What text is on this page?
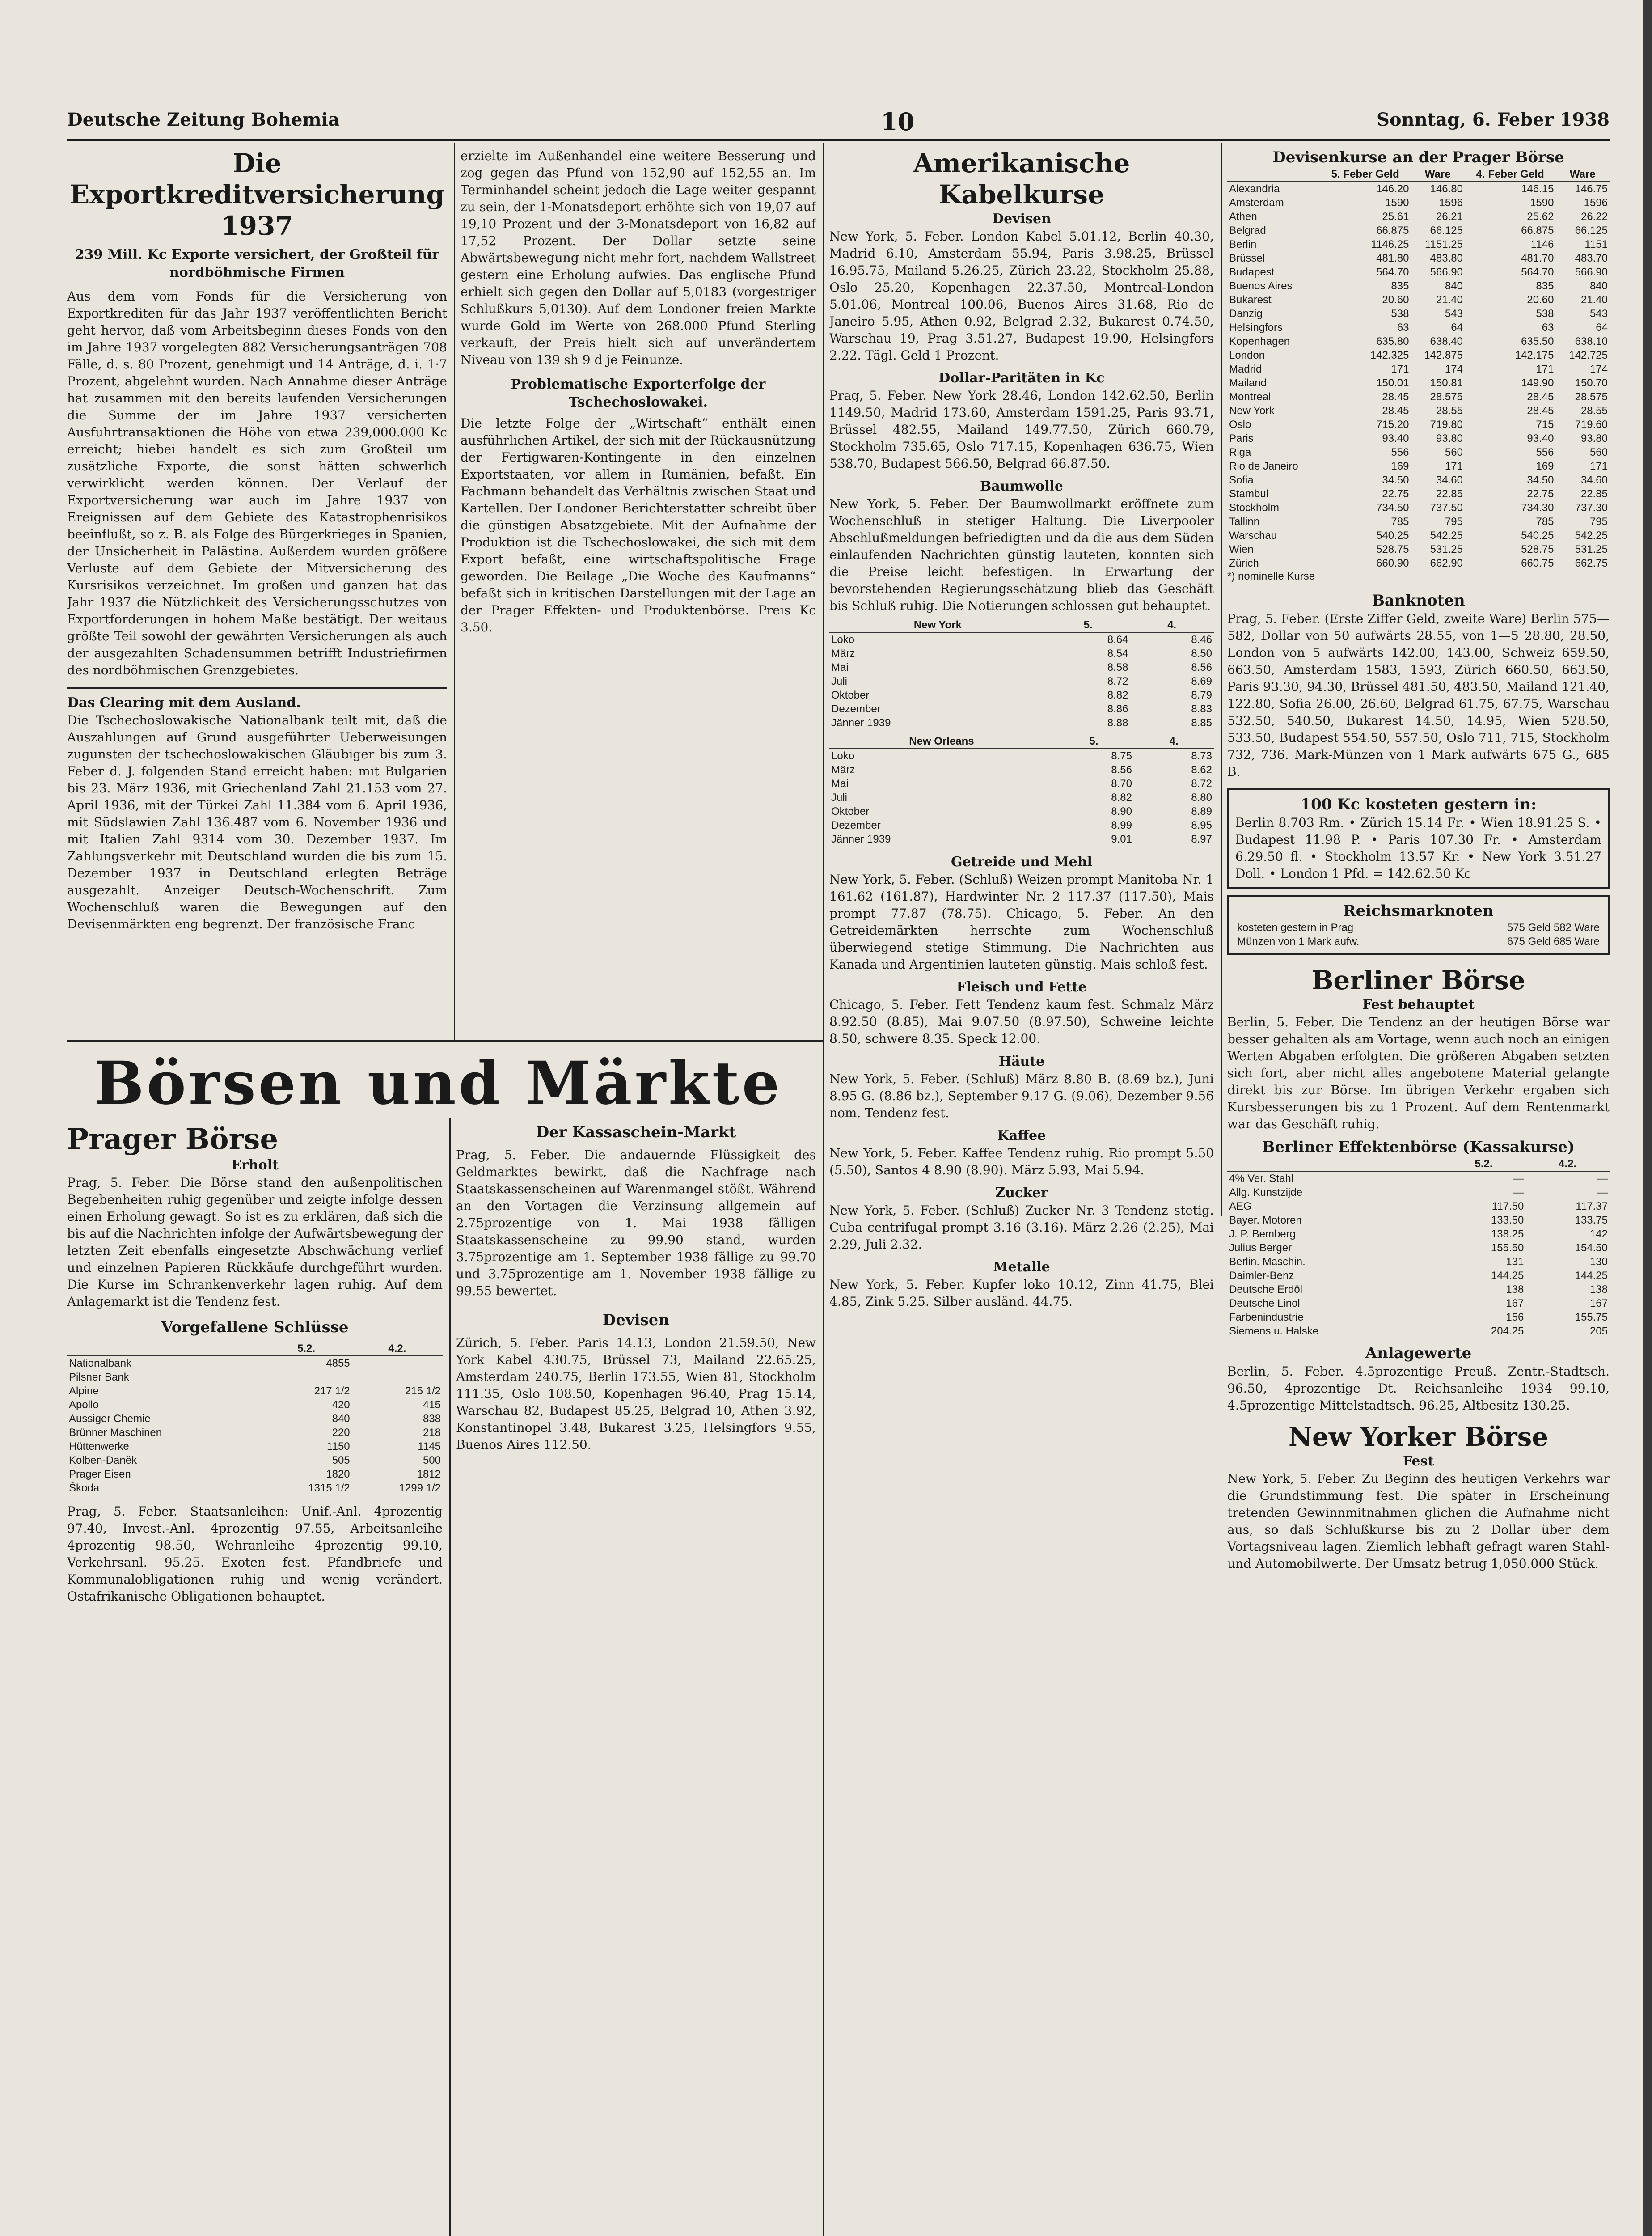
Deutsche Zeitung Bohemia	10	Sonntag, 6. Feber 1938
Die Exportkreditversicherung 1937
239 Mill. Kc Exporte versichert, der Großteil für nordböhmische Firmen
Aus dem vom Fonds für die Versicherung von Exportkrediten für das Jahr 1937 veröffentlichten Bericht geht hervor, daß vom Arbeitsbeginn dieses Fonds von den im Jahre 1937 vorgelegten 882 Versicherungsanträgen 708 Fälle, d. s. 80 Prozent, genehmigt und 14 Anträge, d. i. 1·7 Prozent, abgelehnt wurden. Nach Annahme dieser Anträge hat zusammen mit den bereits laufenden Versicherungen die Summe der im Jahre 1937 versicherten Ausfuhrtransaktionen die Höhe von etwa 239,000.000 Kc erreicht; hiebei handelt es sich zum Großteil um zusätzliche Exporte, die sonst hätten schwerlich verwirklicht werden können. Der Verlauf der Exportversicherung war auch im Jahre 1937 von Ereignissen auf dem Gebiete des Katastrophenrisikos beeinflußt, so z. B. als Folge des Bürgerkrieges in Spanien, der Unsicherheit in Palästina. Außerdem wurden größere Verluste auf dem Gebiete der Mitversicherung des Kursrisikos verzeichnet. Im großen und ganzen hat das Jahr 1937 die Nützlichkeit des Versicherungsschutzes von Exportforderungen in hohem Maße bestätigt. Der weitaus größte Teil sowohl der gewährten Versicherungen als auch der ausgezahlten Schadensummen betrifft Industriefirmen des nordböhmischen Grenzgebietes.
Das Clearing mit dem Ausland.
Die Tschechoslowakische Nationalbank teilt mit, daß die Auszahlungen auf Grund ausgeführter Ueberweisungen zugunsten der tschechoslowakischen Gläubiger bis zum 3. Feber d. J. folgenden Stand erreicht haben: mit Bulgarien bis 23. März 1936, mit Griechenland Zahl 21.153 vom 27. April 1936, mit der Türkei Zahl 11.384 vom 6. April 1936, mit Südslawien Zahl 136.487 vom 6. November 1936 und mit Italien Zahl 9314 vom 30. Dezember 1937. Im Zahlungsverkehr mit Deutschland wurden die bis zum 15. Dezember 1937 in Deutschland erlegten Beträge ausgezahlt. Anzeiger Deutsch-Wochenschrift. Zum Wochenschluß waren die Bewegungen auf den Devisenmärkten eng begrenzt. Der französische Franc
erzielte im Außenhandel eine weitere Besserung und zog gegen das Pfund von 152,90 auf 152,55 an. Im Terminhandel scheint jedoch die Lage weiter gespannt zu sein, der 1-Monatsdeport erhöhte sich von 19,07 auf 19,10 Prozent und der 3-Monatsdeport von 16,82 auf 17,52 Prozent. Der Dollar setzte seine Abwärtsbewegung nicht mehr fort, nachdem Wallstreet gestern eine Erholung aufwies. Das englische Pfund erhielt sich gegen den Dollar auf 5,0183 (vorgestriger Schlußkurs 5,0130). Auf dem Londoner freien Markte wurde Gold im Werte von 268.000 Pfund Sterling verkauft, der Preis hielt sich auf unverändertem Niveau von 139 sh 9 d je Feinunze.
Problematische Exporterfolge der Tschechoslowakei.
Die letzte Folge der „Wirtschaft“ enthält einen ausführlichen Artikel, der sich mit der Rückausnützung der Fertigwaren-Kontingente in den einzelnen Exportstaaten, vor allem in Rumänien, befaßt. Ein Fachmann behandelt das Verhältnis zwischen Staat und Kartellen. Der Londoner Berichterstatter schreibt über die günstigen Absatzgebiete. Mit der Aufnahme der Produktion ist die Tschechoslowakei, die sich mit dem Export befaßt, eine wirtschaftspolitische Frage geworden. Die Beilage „Die Woche des Kaufmanns“ befaßt sich in kritischen Darstellungen mit der Lage an der Prager Effekten- und Produktenbörse. Preis Kc 3.50.
Börsen und Märkte
Prager Börse
Erholt
Prag, 5. Feber. Die Börse stand den außenpolitischen Begebenheiten ruhig gegenüber und zeigte infolge dessen einen Erholung gewagt. So ist es zu erklären, daß sich die bis auf die Nachrichten infolge der Aufwärtsbewegung der letzten Zeit ebenfalls eingesetzte Abschwächung verlief und einzelnen Papieren Rückkäufe durchgeführt wurden. Die Kurse im Schrankenverkehr lagen ruhig. Auf dem Anlagemarkt ist die Tendenz fest.
Vorgefallene Schlüsse
	5.2.	4.2.
Nationalbank	4855	
Pilsner Bank		
Alpine	217 1/2	215 1/2
Apollo	420	415
Aussiger Chemie	840	838
Brünner Maschinen	220	218
Hüttenwerke	1150	1145
Kolben-Daněk	505	500
Prager Eisen	1820	1812
Škoda	1315 1/2	1299 1/2
Prag, 5. Feber. Staatsanleihen: Unif.-Anl. 4prozentig 97.40, Invest.-Anl. 4prozentig 97.55, Arbeitsanleihe 4prozentig 98.50, Wehranleihe 4prozentig 99.10, Verkehrsanl. 95.25. Exoten fest. Pfandbriefe und Kommunalobligationen ruhig und wenig verändert. Ostafrikanische Obligationen behauptet.
Der Kassaschein-Markt
Prag, 5. Feber. Die andauernde Flüssigkeit des Geldmarktes bewirkt, daß die Nachfrage nach Staatskassenscheinen auf Warenmangel stößt. Während an den Vortagen die Verzinsung allgemein auf 2.75prozentige von 1. Mai 1938 fälligen Staatskassenscheine zu 99.90 stand, wurden 3.75prozentige am 1. September 1938 fällige zu 99.70 und 3.75prozentige am 1. November 1938 fällige zu 99.55 bewertet.
Devisen
Zürich, 5. Feber. Paris 14.13, London 21.59.50, New York Kabel 430.75, Brüssel 73, Mailand 22.65.25, Amsterdam 240.75, Berlin 173.55, Wien 81, Stockholm 111.35, Oslo 108.50, Kopenhagen 96.40, Prag 15.14, Warschau 82, Budapest 85.25, Belgrad 10, Athen 3.92, Konstantinopel 3.48, Bukarest 3.25, Helsingfors 9.55, Buenos Aires 112.50.
Amerikanische Kabelkurse
Devisen
New York, 5. Feber. London Kabel 5.01.12, Berlin 40.30, Madrid 6.10, Amsterdam 55.94, Paris 3.98.25, Brüssel 16.95.75, Mailand 5.26.25, Zürich 23.22, Stockholm 25.88, Oslo 25.20, Kopenhagen 22.37.50, Montreal-London 5.01.06, Montreal 100.06, Buenos Aires 31.68, Rio de Janeiro 5.95, Athen 0.92, Belgrad 2.32, Bukarest 0.74.50, Warschau 19, Prag 3.51.27, Budapest 19.90, Helsingfors 2.22. Tägl. Geld 1 Prozent.
Dollar-Paritäten in Kc
Prag, 5. Feber. New York 28.46, London 142.62.50, Berlin 1149.50, Madrid 173.60, Amsterdam 1591.25, Paris 93.71, Brüssel 482.55, Mailand 149.77.50, Zürich 660.79, Stockholm 735.65, Oslo 717.15, Kopenhagen 636.75, Wien 538.70, Budapest 566.50, Belgrad 66.87.50.
Baumwolle
New York, 5. Feber. Der Baumwollmarkt eröffnete zum Wochenschluß in stetiger Haltung. Die Liverpooler Abschlußmeldungen befriedigten und da die aus dem Süden einlaufenden Nachrichten günstig lauteten, konnten sich die Preise leicht befestigen. In Erwartung der bevorstehenden Regierungsschätzung blieb das Geschäft bis Schluß ruhig. Die Notierungen schlossen gut behauptet.
New York	5.	4.
Loko	8.64	8.46
März	8.54	8.50
Mai	8.58	8.56
Juli	8.72	8.69
Oktober	8.82	8.79
Dezember	8.86	8.83
Jänner 1939	8.88	8.85
New Orleans	5.	4.
Loko	8.75	8.73
März	8.56	8.62
Mai	8.70	8.72
Juli	8.82	8.80
Oktober	8.90	8.89
Dezember	8.99	8.95
Jänner 1939	9.01	8.97
Getreide und Mehl
New York, 5. Feber. (Schluß) Weizen prompt Manitoba Nr. 1 161.62 (161.87), Hardwinter Nr. 2 117.37 (117.50), Mais prompt 77.87 (78.75). Chicago, 5. Feber. An den Getreidemärkten herrschte zum Wochenschluß überwiegend stetige Stimmung. Die Nachrichten aus Kanada und Argentinien lauteten günstig. Mais schloß fest.
Fleisch und Fette
Chicago, 5. Feber. Fett Tendenz kaum fest. Schmalz März 8.92.50 (8.85), Mai 9.07.50 (8.97.50), Schweine leichte 8.50, schwere 8.35. Speck 12.00.
Häute
New York, 5. Feber. (Schluß) März 8.80 B. (8.69 bz.), Juni 8.95 G. (8.86 bz.), September 9.17 G. (9.06), Dezember 9.56 nom. Tendenz fest.
Kaffee
New York, 5. Feber. Kaffee Tendenz ruhig. Rio prompt 5.50 (5.50), Santos 4 8.90 (8.90). März 5.93, Mai 5.94.
Zucker
New York, 5. Feber. (Schluß) Zucker Nr. 3 Tendenz stetig. Cuba centrifugal prompt 3.16 (3.16). März 2.26 (2.25), Mai 2.29, Juli 2.32.
Metalle
New York, 5. Feber. Kupfer loko 10.12, Zinn 41.75, Blei 4.85, Zink 5.25. Silber ausländ. 44.75.
Devisenkurse an der Prager Börse
	5. Feber Geld	Ware	4. Feber Geld	Ware
Alexandria	146.20	146.80	146.15	146.75
Amsterdam	1590	1596	1590	1596
Athen	25.61	26.21	25.62	26.22
Belgrad	66.875	66.125	66.875	66.125
Berlin	1146.25	1151.25	1146	1151
Brüssel	481.80	483.80	481.70	483.70
Budapest	564.70	566.90	564.70	566.90
Buenos Aires	835	840	835	840
Bukarest	20.60	21.40	20.60	21.40
Danzig	538	543	538	543
Helsingfors	63	64	63	64
Kopenhagen	635.80	638.40	635.50	638.10
London	142.325	142.875	142.175	142.725
Madrid	171	174	171	174
Mailand	150.01	150.81	149.90	150.70
Montreal	28.45	28.575	28.45	28.575
New York	28.45	28.55	28.45	28.55
Oslo	715.20	719.80	715	719.60
Paris	93.40	93.80	93.40	93.80
Riga	556	560	556	560
Rio de Janeiro	169	171	169	171
Sofia	34.50	34.60	34.50	34.60
Stambul	22.75	22.85	22.75	22.85
Stockholm	734.50	737.50	734.30	737.30
Tallinn	785	795	785	795
Warschau	540.25	542.25	540.25	542.25
Wien	528.75	531.25	528.75	531.25
Zürich	660.90	662.90	660.75	662.75
*) nominelle Kurse
Banknoten
Prag, 5. Feber. (Erste Ziffer Geld, zweite Ware) Berlin 575—582, Dollar von 50 aufwärts 28.55, von 1—5 28.80, 28.50, London von 5 aufwärts 142.00, 143.00, Schweiz 659.50, 663.50, Amsterdam 1583, 1593, Zürich 660.50, 663.50, Paris 93.30, 94.30, Brüssel 481.50, 483.50, Mailand 121.40, 122.80, Sofia 26.00, 26.60, Belgrad 61.75, 67.75, Warschau 532.50, 540.50, Bukarest 14.50, 14.95, Wien 528.50, 533.50, Budapest 554.50, 557.50, Oslo 711, 715, Stockholm 732, 736. Mark-Münzen von 1 Mark aufwärts 675 G., 685 B.
100 Kc kosteten gestern in:
Berlin 8.703 Rm. • Zürich 15.14 Fr. • Wien 18.91.25 S. • Budapest 11.98 P. • Paris 107.30 Fr. • Amsterdam 6.29.50 fl. • Stockholm 13.57 Kr. • New York 3.51.27 Doll. • London 1 Pfd. = 142.62.50 Kc
Reichsmarknoten
kosteten gestern in Prag	575 Geld 582 Ware
Münzen von 1 Mark aufw.	675 Geld 685 Ware
Berliner Börse
Fest behauptet
Berlin, 5. Feber. Die Tendenz an der heutigen Börse war besser gehalten als am Vortage, wenn auch noch an einigen Werten Abgaben erfolgten. Die größeren Abgaben setzten sich fort, aber nicht alles angebotene Material gelangte direkt bis zur Börse. Im übrigen Verkehr ergaben sich Kursbesserungen bis zu 1 Prozent. Auf dem Rentenmarkt war das Geschäft ruhig.
Berliner Effektenbörse (Kassakurse)
	5.2.	4.2.
4% Ver. Stahl	—	—
Allg. Kunstzijde	—	—
AEG	117.50	117.37
Bayer. Motoren	133.50	133.75
J. P. Bemberg	138.25	142
Julius Berger	155.50	154.50
Berlin. Maschin.	131	130
Daimler-Benz	144.25	144.25
Deutsche Erdöl	138	138
Deutsche Linol	167	167
Farbenindustrie	156	155.75
Siemens u. Halske	204.25	205
Anlagewerte
Berlin, 5. Feber. 4.5prozentige Preuß. Zentr.-Stadtsch. 96.50, 4prozentige Dt. Reichsanleihe 1934 99.10, 4.5prozentige Mittelstadtsch. 96.25, Altbesitz 130.25.
New Yorker Börse
Fest
New York, 5. Feber. Zu Beginn des heutigen Verkehrs war die Grundstimmung fest. Die später in Erscheinung tretenden Gewinnmitnahmen glichen die Aufnahme nicht aus, so daß Schlußkurse bis zu 2 Dollar über dem Vortagsniveau lagen. Ziemlich lebhaft gefragt waren Stahl- und Automobilwerte. Der Umsatz betrug 1,050.000 Stück.
